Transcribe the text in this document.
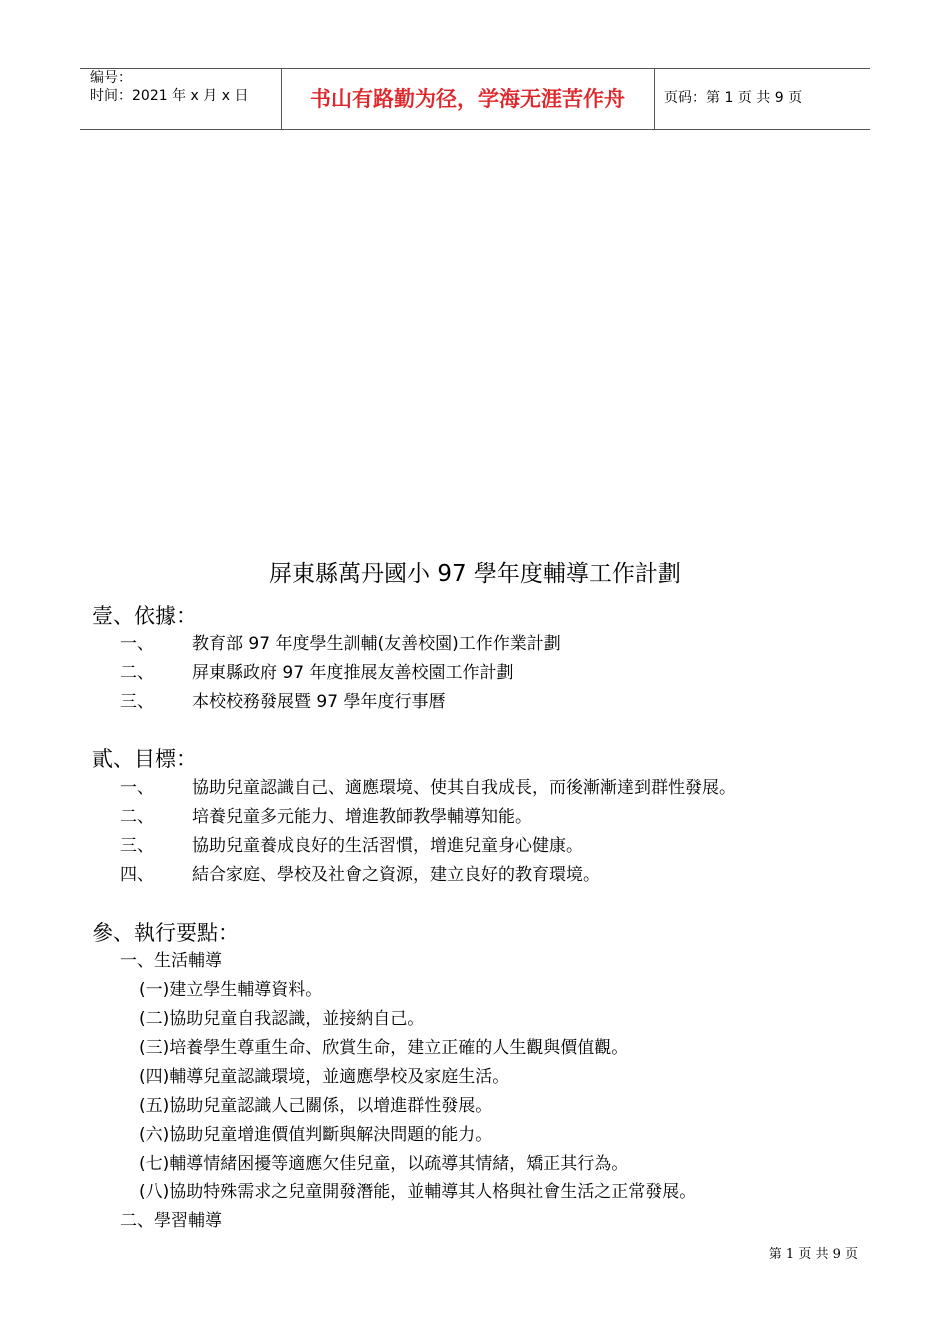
编号：
时间：2021 年 x 月 x 日	书山有路勤为径，学海无涯苦作舟	页码：第 1 页 共 9 页
屏東縣萬丹國小 97 學年度輔導工作計劃
壹、依據：
一、 教育部 97 年度學生訓輔(友善校園)工作作業計劃
二、 屏東縣政府 97 年度推展友善校園工作計劃
三、 本校校務發展暨 97 學年度行事曆
貳、目標：
一、 協助兒童認識自己、適應環境、使其自我成長，而後漸漸達到群性發展。
二、 培養兒童多元能力、增進教師教學輔導知能。
三、 協助兒童養成良好的生活習慣，增進兒童身心健康。
四、 結合家庭、學校及社會之資源，建立良好的教育環境。
參、執行要點：
一、生活輔導
(一)建立學生輔導資料。
(二)協助兒童自我認識，並接納自己。
(三)培養學生尊重生命、欣賞生命，建立正確的人生觀與價值觀。
(四)輔導兒童認識環境，並適應學校及家庭生活。
(五)協助兒童認識人己關係，以增進群性發展。
(六)協助兒童增進價值判斷與解決問題的能力。
(七)輔導情緒困擾等適應欠佳兒童，以疏導其情緒，矯正其行為。
(八)協助特殊需求之兒童開發潛能，並輔導其人格與社會生活之正常發展。
二、學習輔導
第 1 页 共 9 页
